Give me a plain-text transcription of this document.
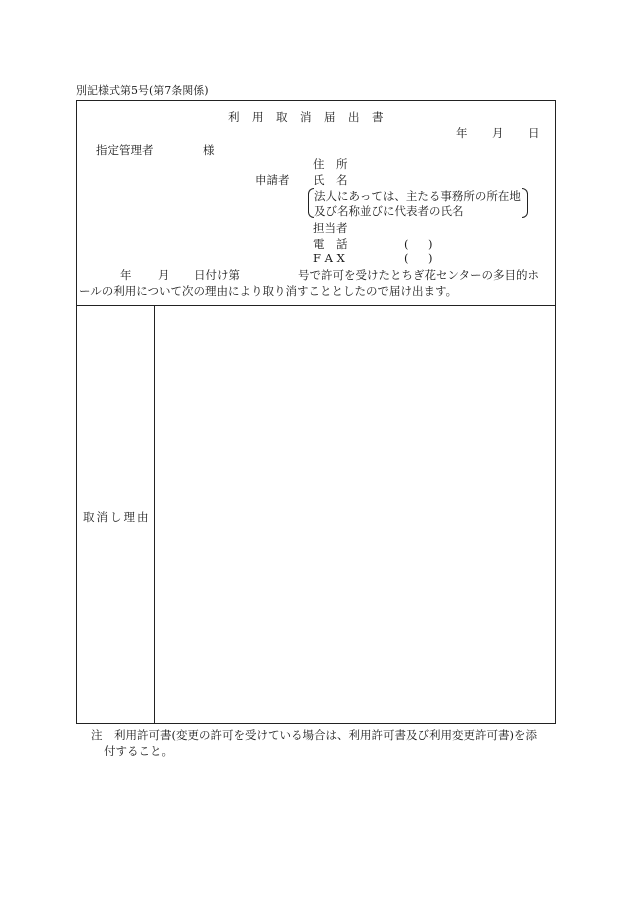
別記様式第5号(第7条関係)
利用取消届出書
年 月 日
指定管理者	様
住　所
申請者 氏　名
法人にあっては、主たる事務所の所在地
及び名称並びに代表者の氏名
担当者
電　話	(　)
F A X	(　)
年 月 日付け第	号で許可を受けたとちぎ花センターの多目的ホ
ールの利用について次の理由により取り消すこととしたので届け出ます。
取消し理由
注　利用許可書(変更の許可を受けている場合は、利用許可書及び利用変更許可書)を添
付すること。
